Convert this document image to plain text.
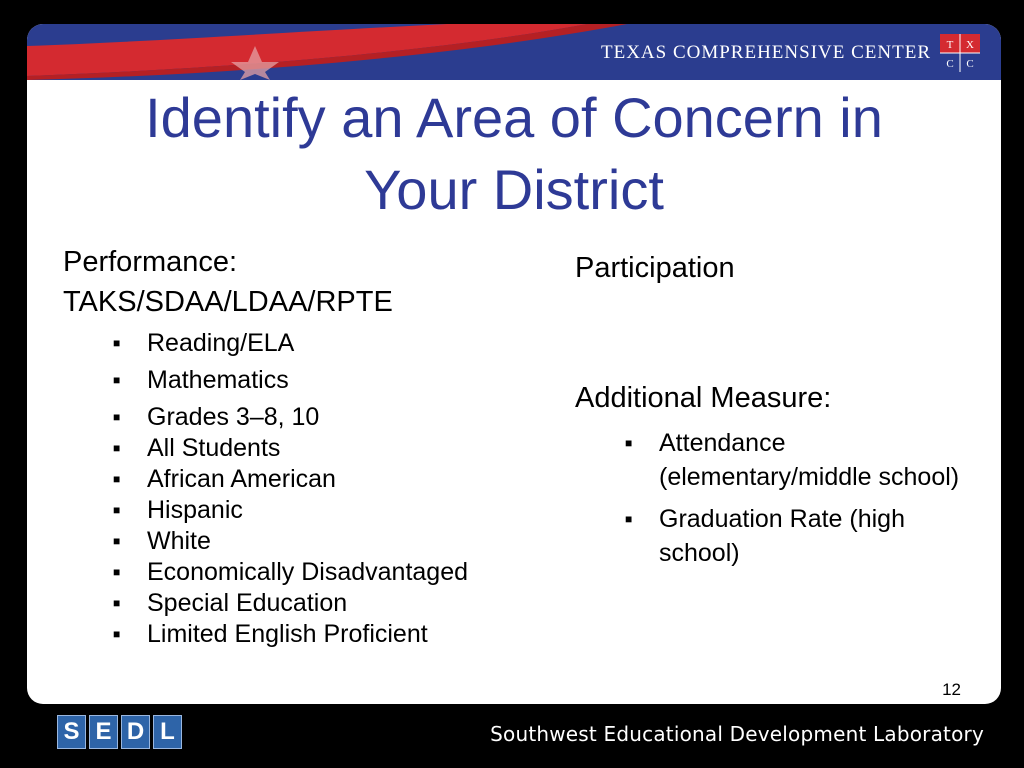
TEXAS COMPREHENSIVE CENTER T X
C C
Identify an Area of Concern in
Your District

Performance:
TAKS/SDAA/LDAA/RPTE

■ Reading/ELA
■ Mathematics
■ Grades 3–8, 10
■ All Students
■ African American
■ Hispanic
■ White
■ Economically Disadvantaged
■ Special Education
■ Limited English Proficient

Participation

Additional Measure:

■ Attendance (elementary/middle school)
■ Graduation Rate (high school)
12
S E D L	Southwest Educational Development Laboratory
